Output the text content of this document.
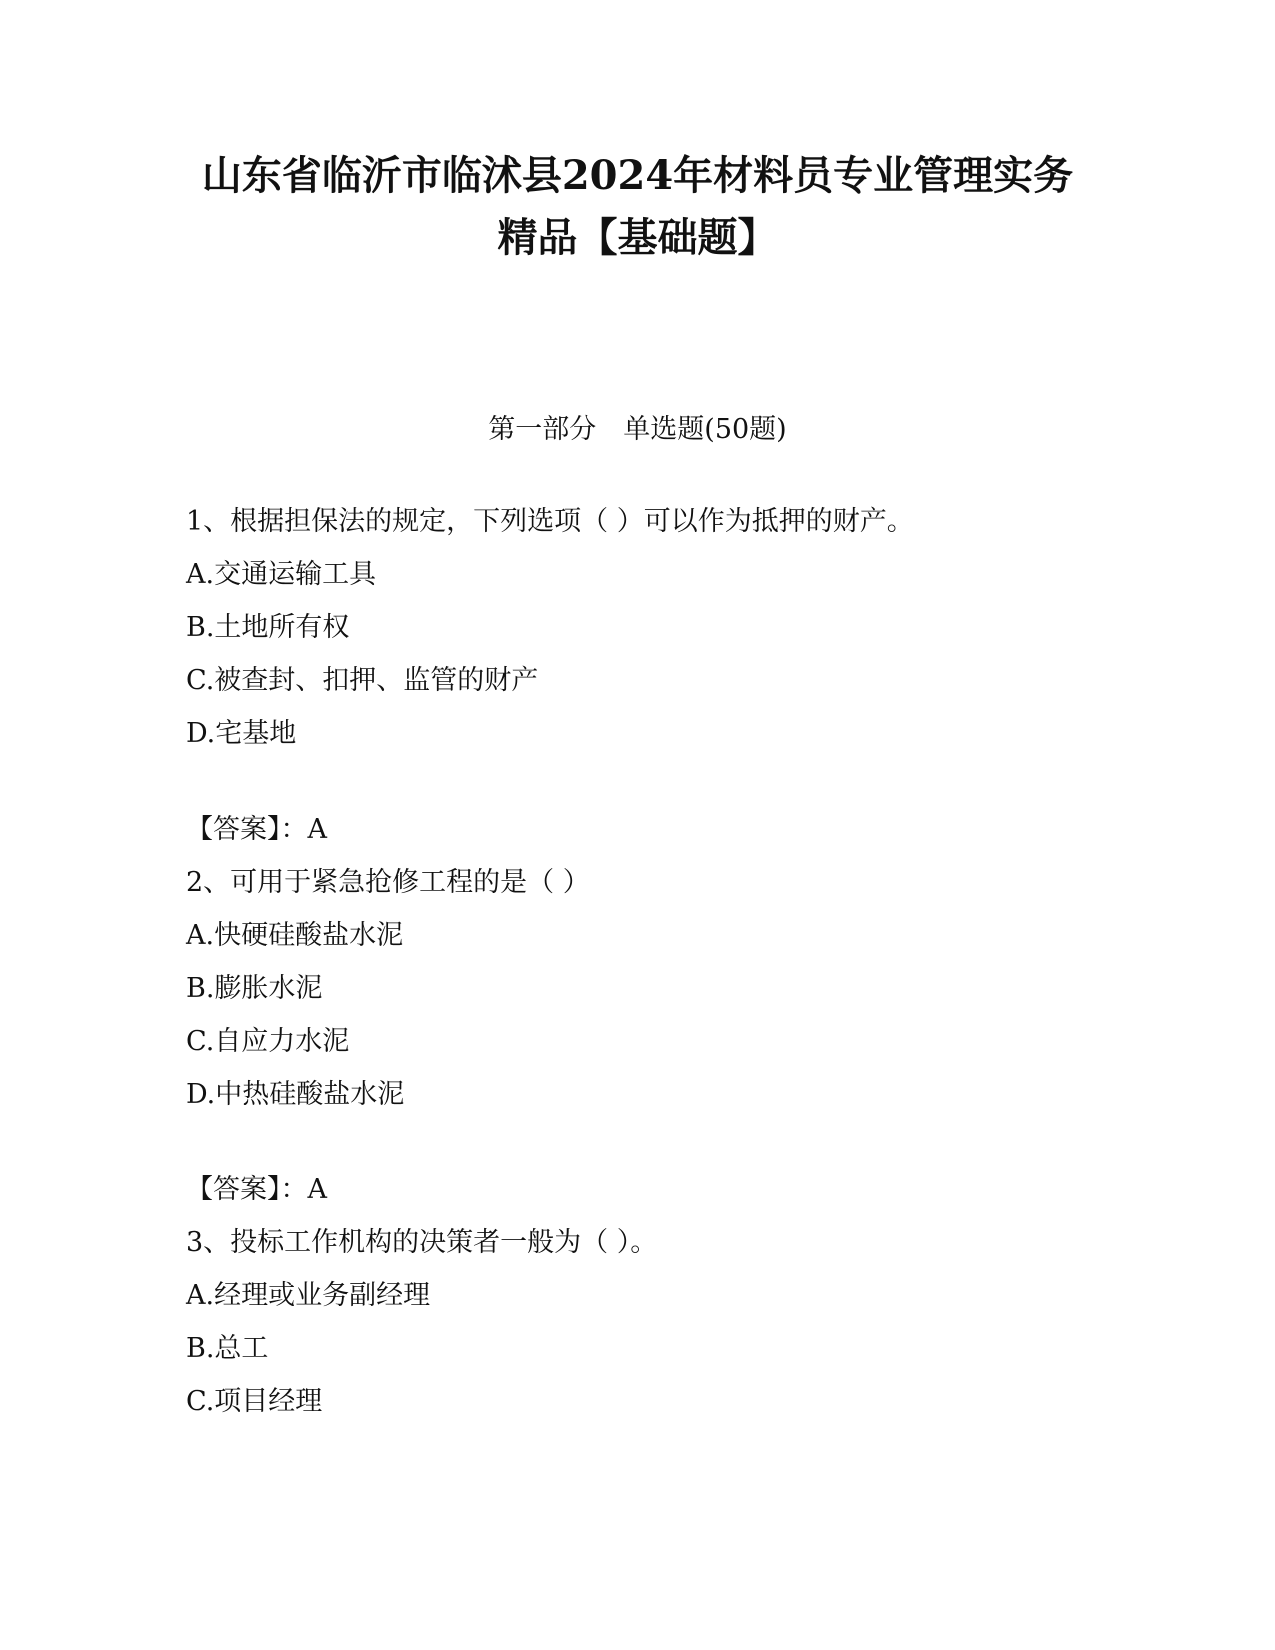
山东省临沂市临沭县2024年材料员专业管理实务
精品【基础题】
第一部分　单选题(50题)
1、根据担保法的规定，下列选项（ ）可以作为抵押的财产。
A.交通运输工具
B.土地所有权
C.被查封、扣押、监管的财产
D.宅基地
【答案】：A
2、可用于紧急抢修工程的是（ ）
A.快硬硅酸盐水泥
B.膨胀水泥
C.自应力水泥
D.中热硅酸盐水泥
【答案】：A
3、投标工作机构的决策者一般为（ ）。
A.经理或业务副经理
B.总工
C.项目经理
